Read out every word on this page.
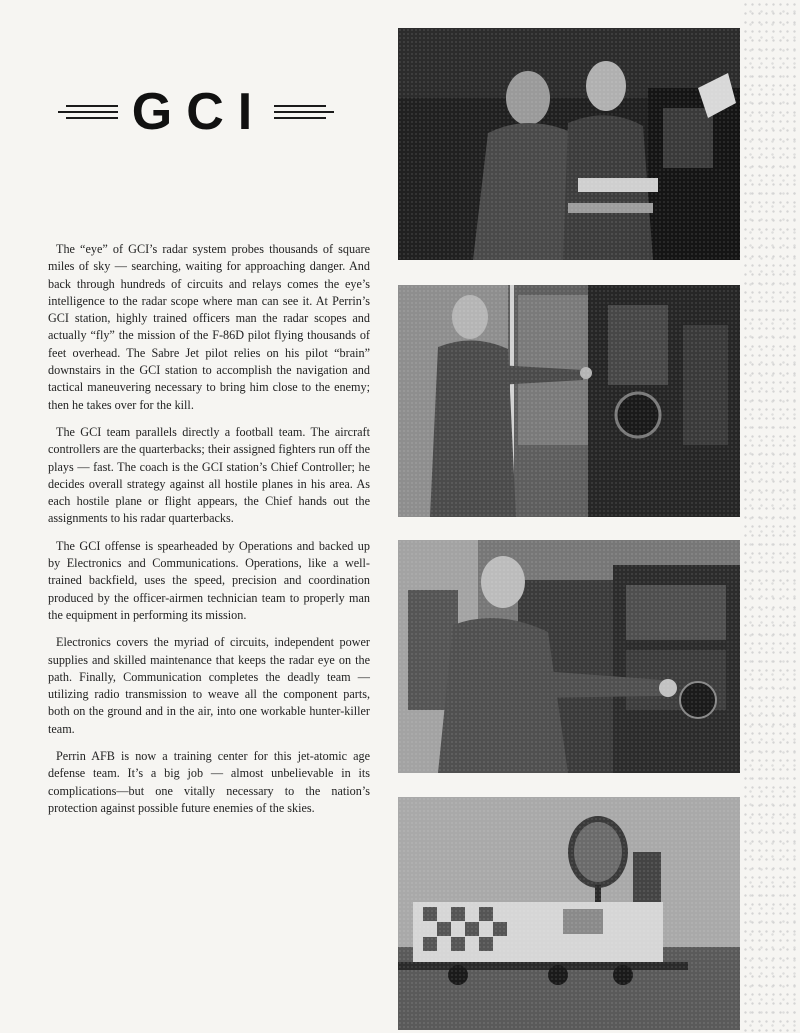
GCI

The “eye” of GCI’s radar system probes thousands of square miles of sky — searching, waiting for approaching danger. And back through hundreds of circuits and relays comes the eye’s intelligence to the radar scope where man can see it. At Perrin’s GCI station, highly trained officers man the radar scopes and actually “fly” the mission of the F-86D pilot flying thousands of feet overhead. The Sabre Jet pilot relies on his pilot “brain” downstairs in the GCI station to accomplish the navigation and tactical maneuvering necessary to bring him close to the enemy; then he takes over for the kill.

The GCI team parallels directly a football team. The aircraft controllers are the quarterbacks; their assigned fighters run off the plays — fast. The coach is the GCI station’s Chief Controller; he decides overall strategy against all hostile planes in his area. As each hostile plane or flight appears, the Chief hands out the assignments to his radar quarterbacks.

The GCI offense is spearheaded by Operations and backed up by Electronics and Communications. Operations, like a well-trained backfield, uses the speed, precision and coordination produced by the officer-airmen technician team to properly man the equipment in performing its mission.

Electronics covers the myriad of circuits, independent power supplies and skilled maintenance that keeps the radar eye on the path. Finally, Communication completes the deadly team — utilizing radio transmission to weave all the component parts, both on the ground and in the air, into one workable hunter-killer team.

Perrin AFB is now a training center for this jet-atomic age defense team. It’s a big job — almost unbelievable in its complications—but one vitally necessary to the nation’s protection against possible future enemies of the skies.
